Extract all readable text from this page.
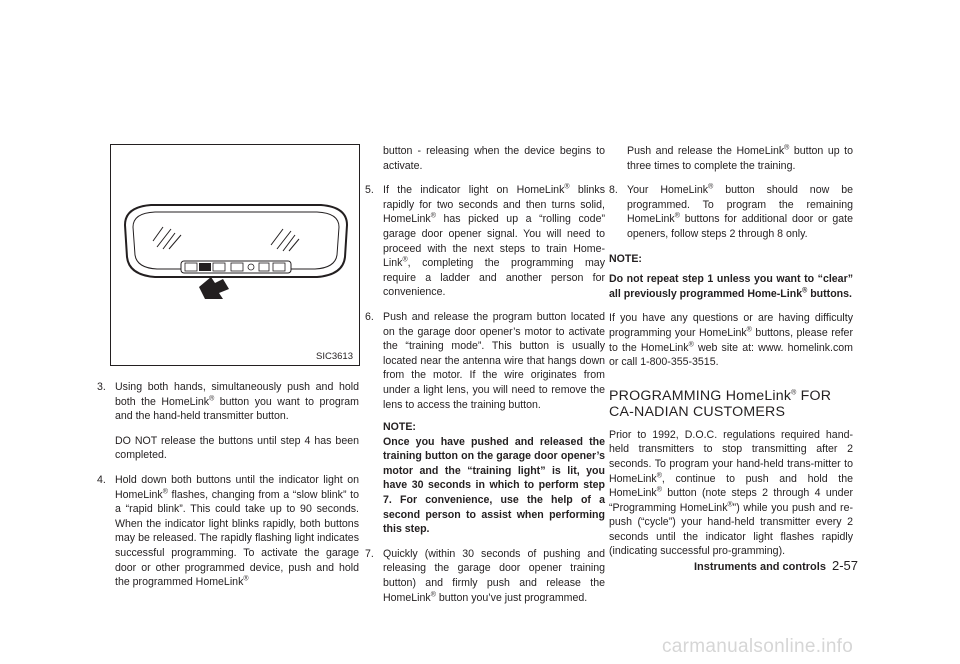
SIC3613
3. Using both hands, simultaneously push and hold both the HomeLink® button you want to program and the hand-held transmitter button.
DO NOT release the buttons until step 4 has been completed.
4. Hold down both buttons until the indicator light on HomeLink® flashes, changing from a “slow blink” to a “rapid blink”. This could take up to 90 seconds. When the indicator light blinks rapidly, both buttons may be released. The rapidly flashing light indicates successful programming. To activate the garage door or other programmed device, push and hold the programmed HomeLink®
button - releasing when the device begins to activate.
5. If the indicator light on HomeLink® blinks rapidly for two seconds and then turns solid, HomeLink® has picked up a “rolling code” garage door opener signal. You will need to proceed with the next steps to train Home-Link®, completing the programming may require a ladder and another person for convenience.
6. Push and release the program button located on the garage door opener’s motor to activate the “training mode”. This button is usually located near the antenna wire that hangs down from the motor. If the wire originates from under a light lens, you will need to remove the lens to access the training button.
NOTE:
Once you have pushed and released the training button on the garage door opener’s motor and the “training light” is lit, you have 30 seconds in which to perform step 7. For convenience, use the help of a second person to assist when performing this step.
7. Quickly (within 30 seconds of pushing and releasing the garage door opener training button) and firmly push and release the HomeLink® button you’ve just programmed.
Push and release the HomeLink® button up to three times to complete the training.
8. Your HomeLink® button should now be programmed. To program the remaining HomeLink® buttons for additional door or gate openers, follow steps 2 through 8 only.

NOTE:

Do not repeat step 1 unless you want to “clear” all previously programmed Home-Link® buttons.

If you have any questions or are having difficulty programming your HomeLink® buttons, please refer to the HomeLink® web site at: www. homelink.com or call 1-800-355-3515.

PROGRAMMING HomeLink® FOR CA-NADIAN CUSTOMERS

Prior to 1992, D.O.C. regulations required hand-held transmitters to stop transmitting after 2 seconds. To program your hand-held trans-mitter to HomeLink®, continue to push and hold the HomeLink® button (note steps 2 through 4 under “Programming HomeLink®”) while you push and re-push (“cycle”) your hand-held transmitter every 2 seconds until the indicator light flashes rapidly (indicating successful pro-gramming).

Instruments and controls 2-57
carmanualsonline.info
